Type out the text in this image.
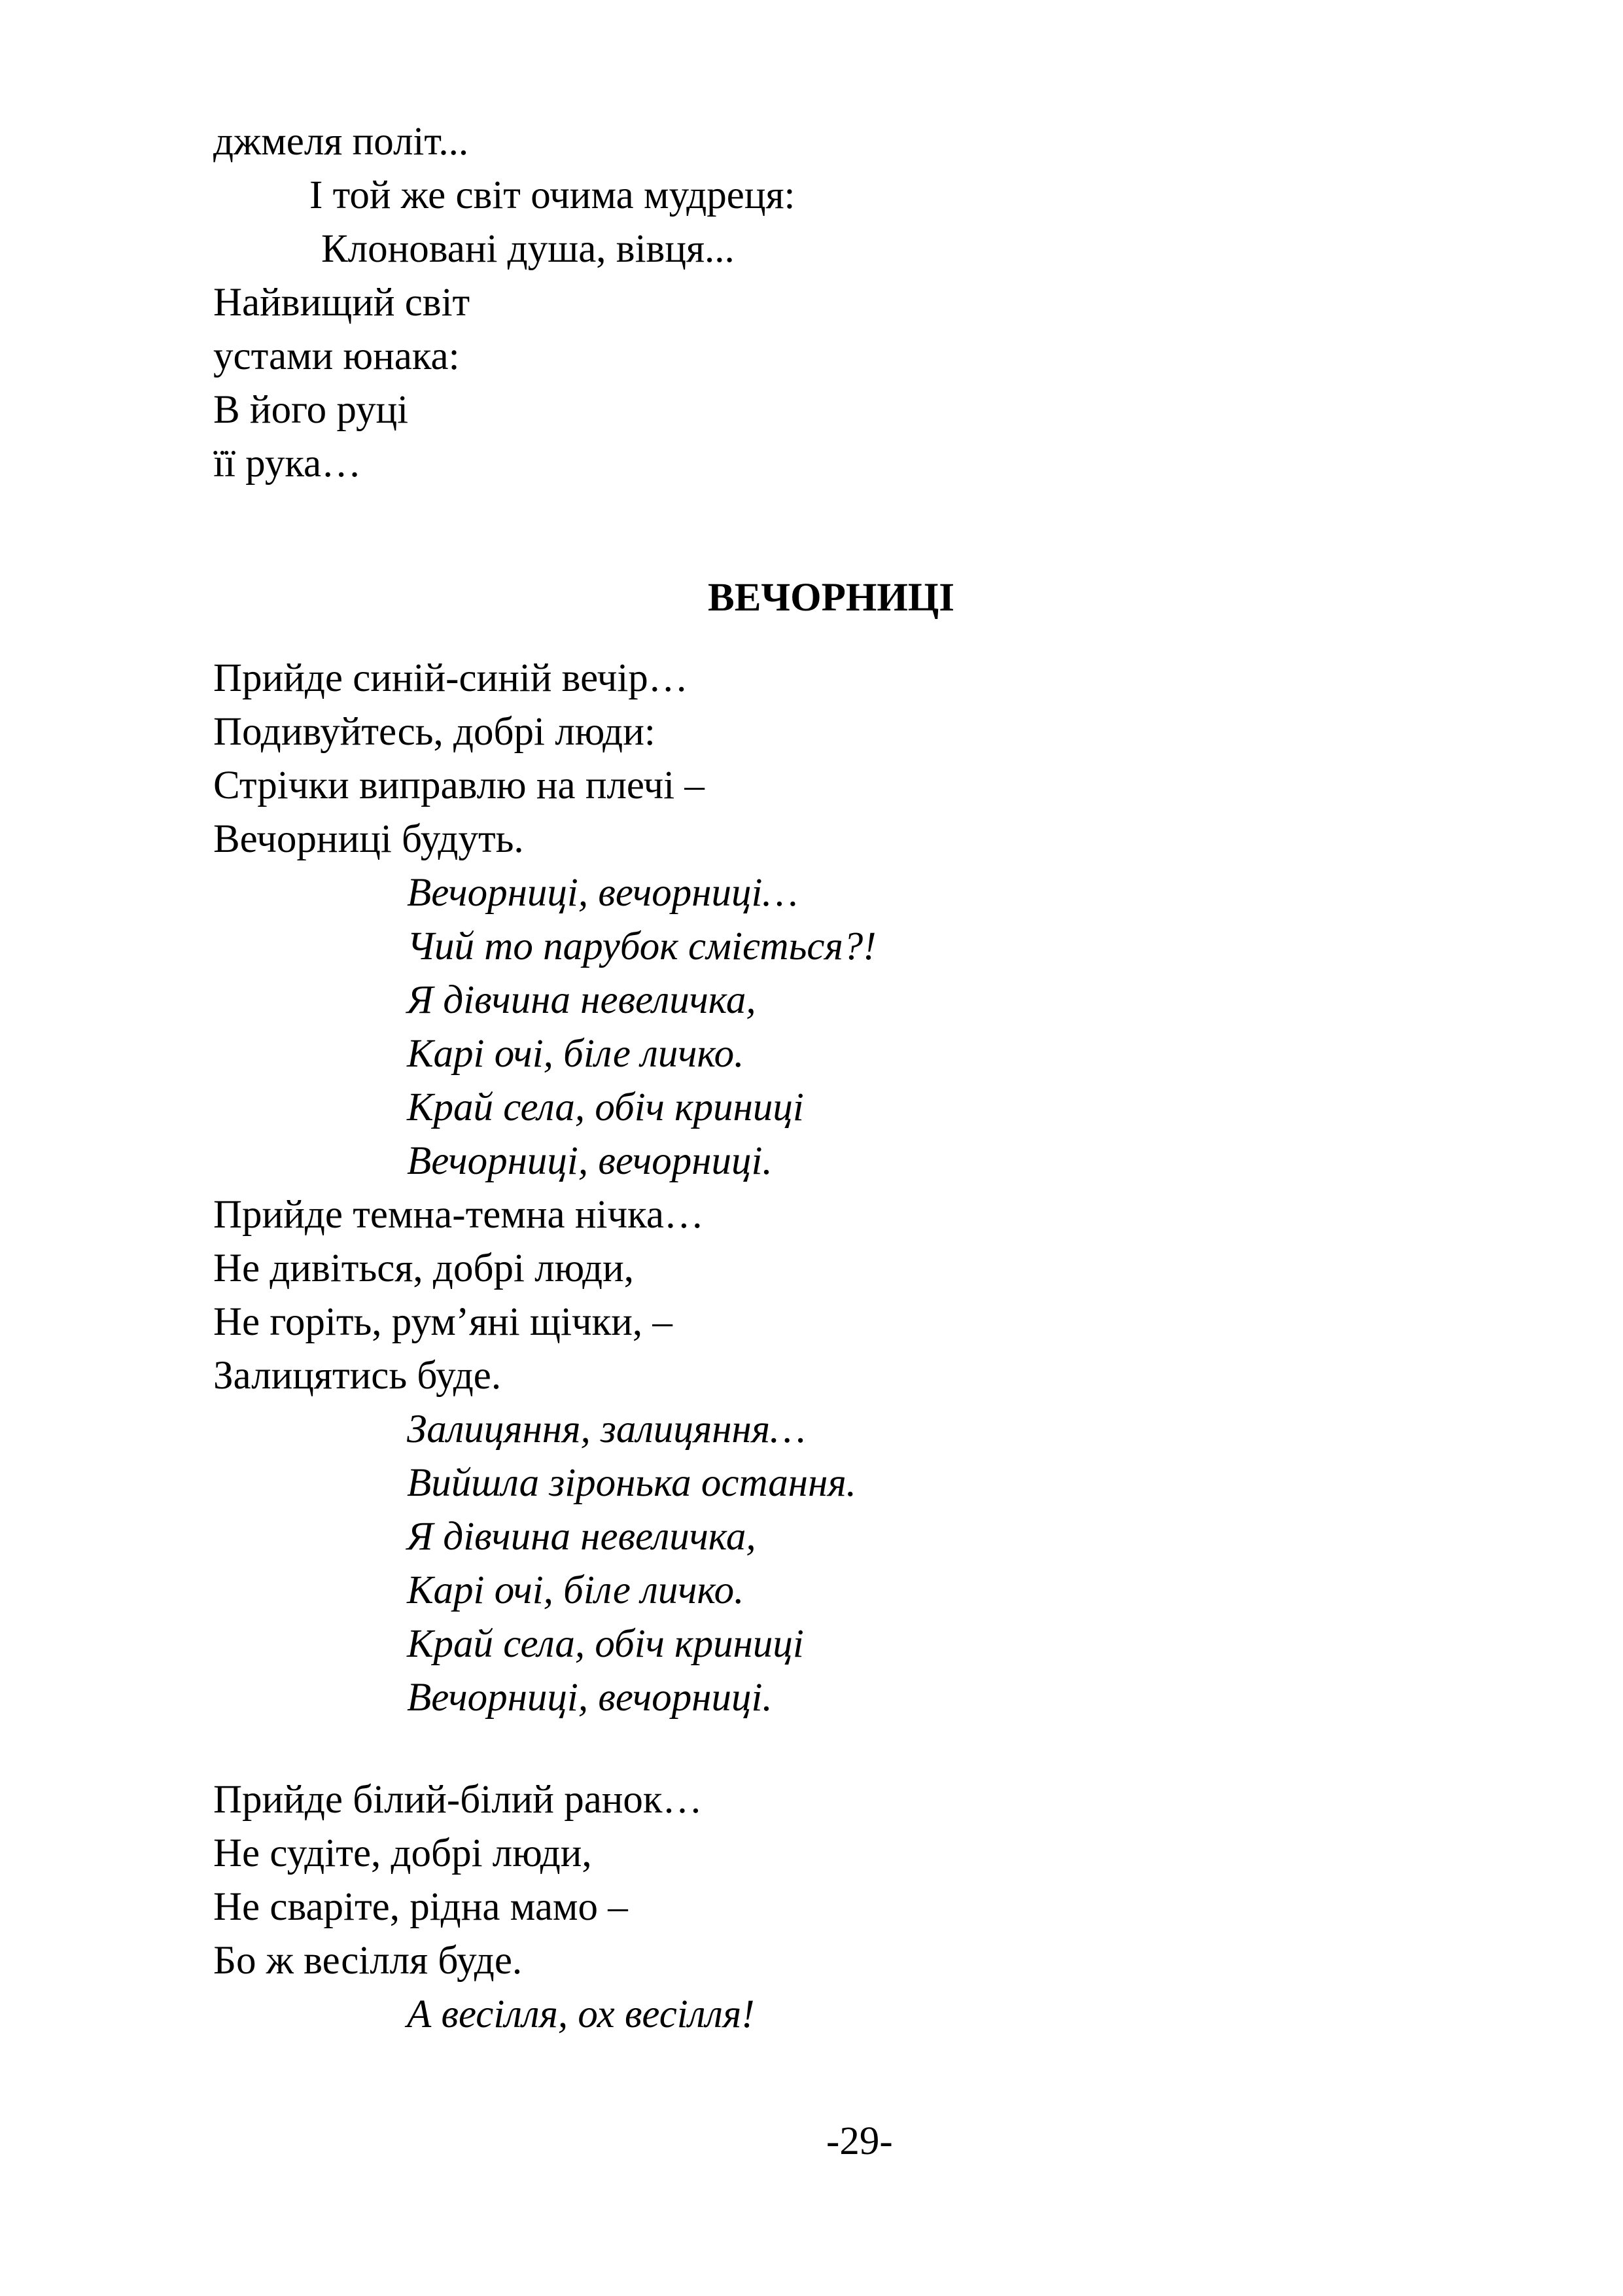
джмеля політ...

І той же світ очима мудреця:

Клоновані душа, вівця...

Найвищий світ

устами юнака:

В його руці

її рука…

ВЕЧОРНИЦІ

Прийде синій-синій вечір…

Подивуйтесь, добрі люди:

Стрічки виправлю на плечі –

Вечорниці будуть.

Вечорниці, вечорниці…

Чий то парубок сміється?!

Я дівчина невеличка,

Карі очі, біле личко.

Край села, обіч криниці

Вечорниці, вечорниці.

Прийде темна-темна нічка…

Не дивіться, добрі люди,

Не горіть, рум’яні щічки, –

Залицятись буде.

Залицяння, залицяння…

Вийшла зіронька остання.

Я дівчина невеличка,

Карі очі, біле личко.

Край села, обіч криниці

Вечорниці, вечорниці.

Прийде білий-білий ранок…

Не судіте, добрі люди,

Не сваріте, рідна мамо –

Бо ж весілля буде.

А весілля, ох весілля!

-29-
